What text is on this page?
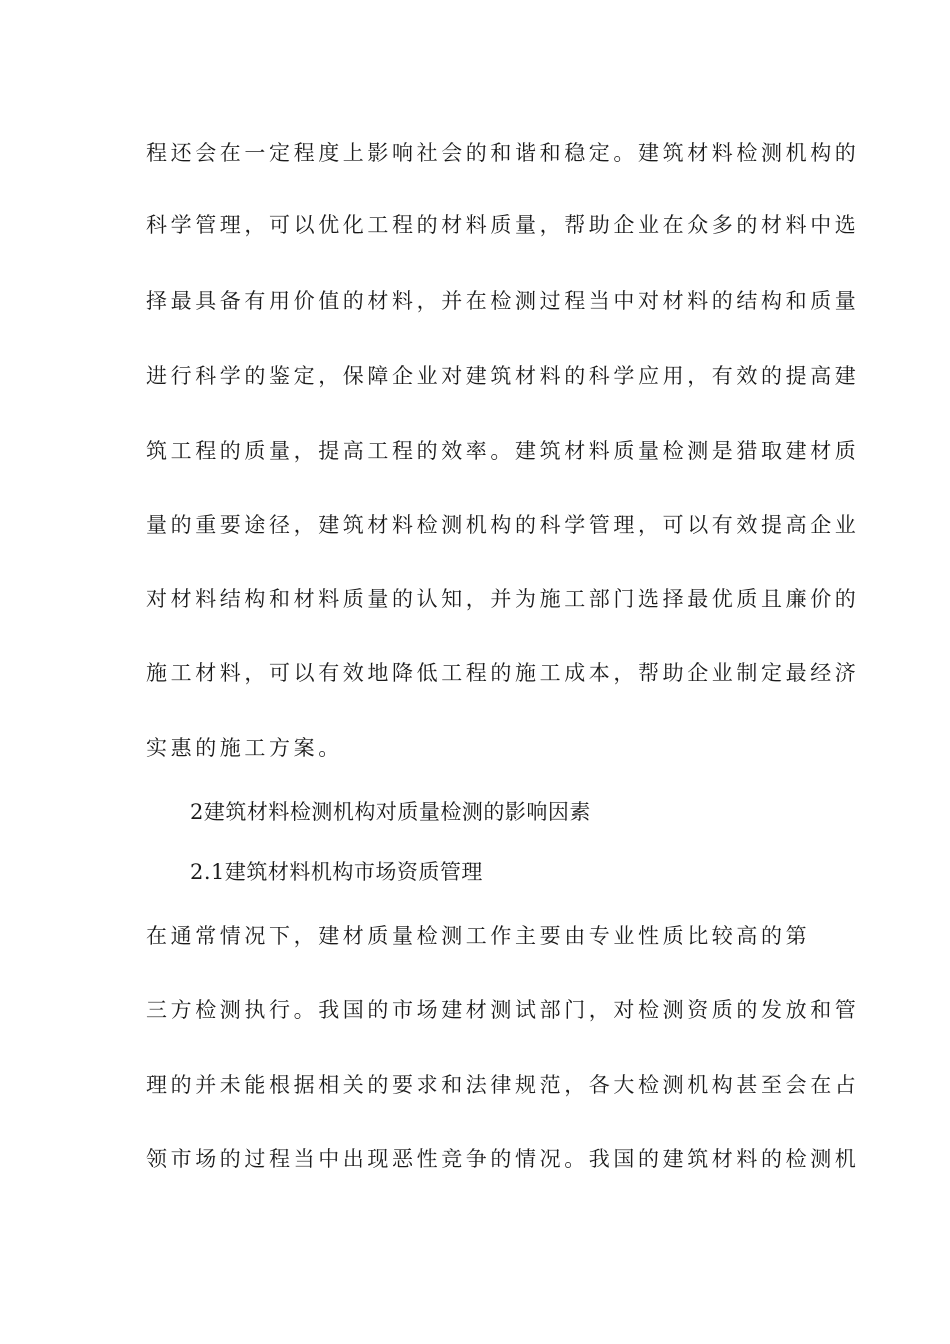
程还会在一定程度上影响社会的和谐和稳定。建筑材料检测机构的
科学管理，可以优化工程的材料质量，帮助企业在众多的材料中选
择最具备有用价值的材料，并在检测过程当中对材料的结构和质量
进行科学的鉴定，保障企业对建筑材料的科学应用，有效的提高建
筑工程的质量，提高工程的效率。建筑材料质量检测是猎取建材质
量的重要途径，建筑材料检测机构的科学管理，可以有效提高企业
对材料结构和材料质量的认知，并为施工部门选择最优质且廉价的
施工材料，可以有效地降低工程的施工成本，帮助企业制定最经济
实惠的施工方案。
2建筑材料检测机构对质量检测的影响因素
2.1建筑材料机构市场资质管理
在通常情况下，建材质量检测工作主要由专业性质比较高的第
三方检测执行。我国的市场建材测试部门，对检测资质的发放和管
理的并未能根据相关的要求和法律规范，各大检测机构甚至会在占
领市场的过程当中出现恶性竞争的情况。我国的建筑材料的检测机
